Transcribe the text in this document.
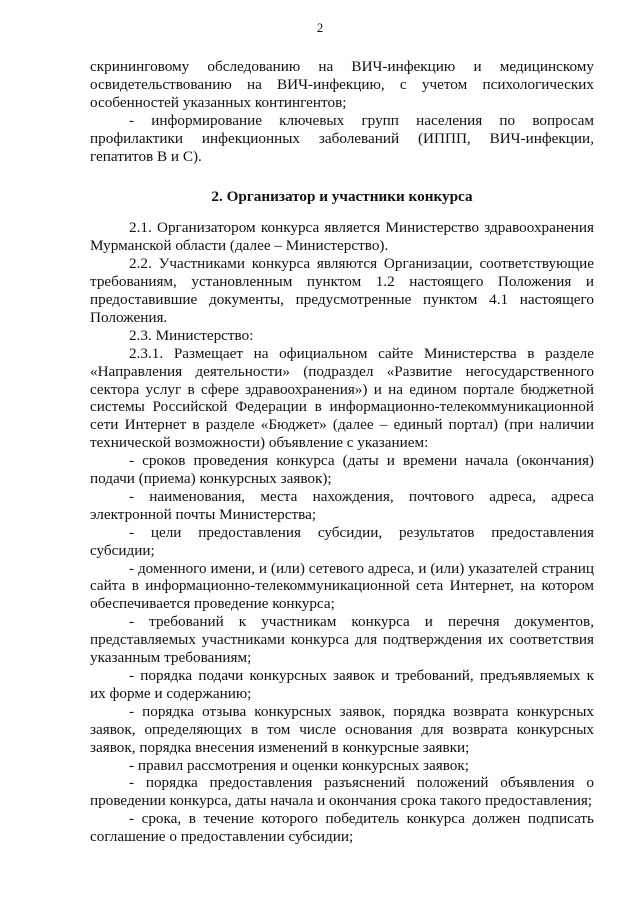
2

скрининговому обследованию на ВИЧ-инфекцию и медицинскому освидетельствованию на ВИЧ-инфекцию, с учетом психологических особенностей указанных контингентов;

- информирование ключевых групп населения по вопросам профилактики инфекционных заболеваний (ИППП, ВИЧ-инфекции, гепатитов В и С).

2. Организатор и участники конкурса

2.1. Организатором конкурса является Министерство здравоохранения Мурманской области (далее – Министерство).

2.2. Участниками конкурса являются Организации, соответствующие требованиям, установленным пунктом 1.2 настоящего Положения и предоставившие документы, предусмотренные пунктом 4.1 настоящего Положения.

2.3. Министерство:

2.3.1. Размещает на официальном сайте Министерства в разделе «Направления деятельности» (подраздел «Развитие негосударственного сектора услуг в сфере здравоохранения») и на едином портале бюджетной системы Российской Федерации в информационно-телекоммуникационной сети Интернет в разделе «Бюджет» (далее – единый портал) (при наличии технической возможности) объявление с указанием:

- сроков проведения конкурса (даты и времени начала (окончания) подачи (приема) конкурсных заявок);

- наименования, места нахождения, почтового адреса, адреса электронной почты Министерства;

- цели предоставления субсидии, результатов предоставления субсидии;

- доменного имени, и (или) сетевого адреса, и (или) указателей страниц сайта в информационно-телекоммуникационной сета Интернет, на котором обеспечивается проведение конкурса;

- требований к участникам конкурса и перечня документов, представляемых участниками конкурса для подтверждения их соответствия указанным требованиям;

- порядка подачи конкурсных заявок и требований, предъявляемых к их форме и содержанию;

- порядка отзыва конкурсных заявок, порядка возврата конкурсных заявок, определяющих в том числе основания для возврата конкурсных заявок, порядка внесения изменений в конкурсные заявки;

- правил рассмотрения и оценки конкурсных заявок;

- порядка предоставления разъяснений положений объявления о проведении конкурса, даты начала и окончания срока такого предоставления;

- срока, в течение которого победитель конкурса должен подписать соглашение о предоставлении субсидии;
